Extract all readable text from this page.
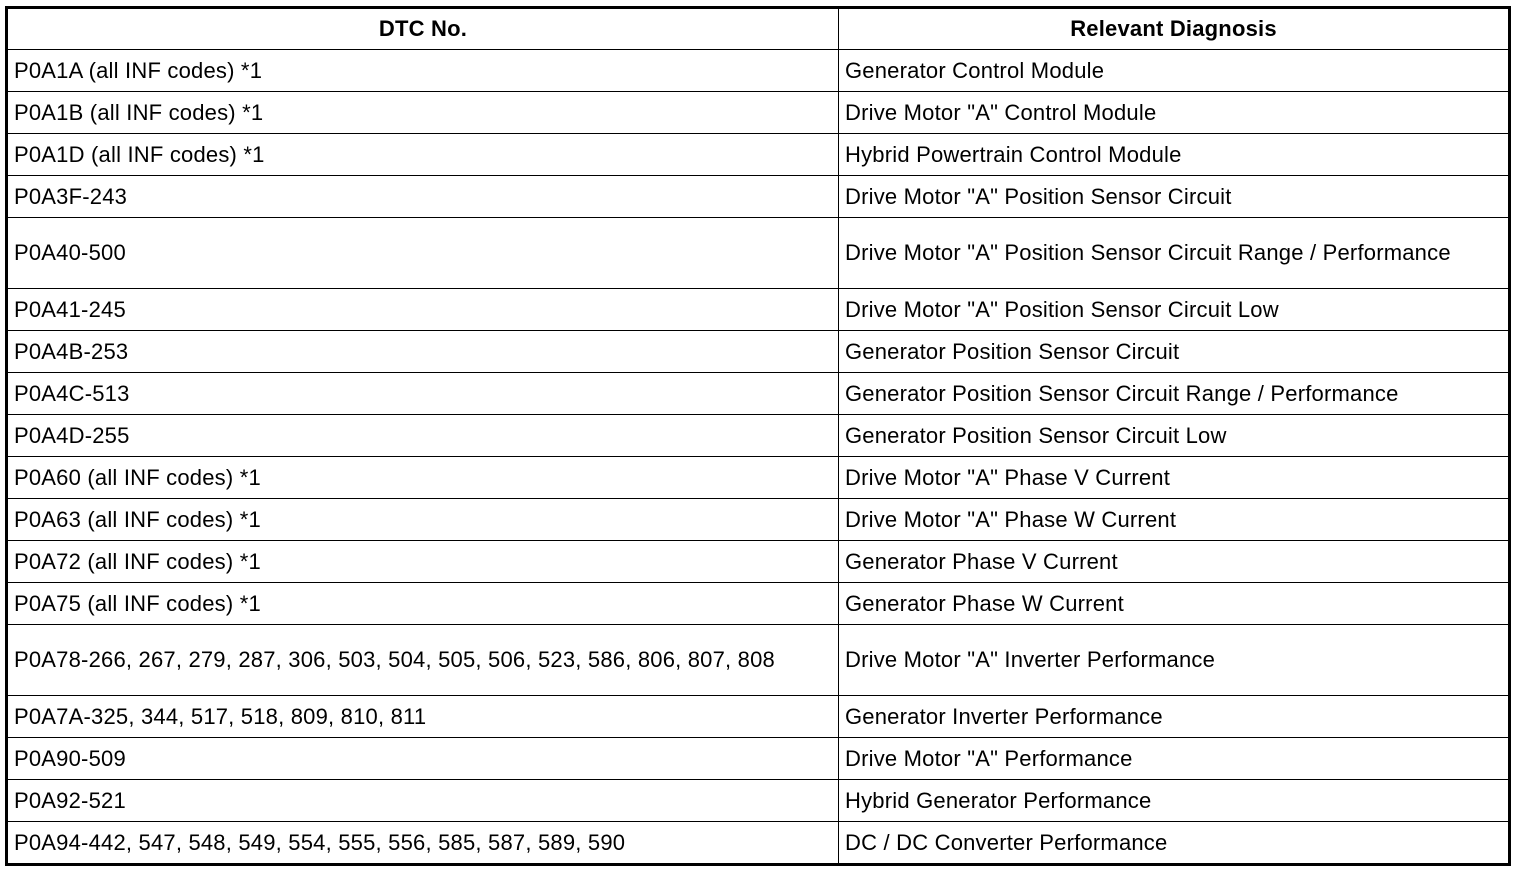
DTC No.	Relevant Diagnosis
P0A1A (all INF codes) *1	Generator Control Module
P0A1B (all INF codes) *1	Drive Motor "A" Control Module
P0A1D (all INF codes) *1	Hybrid Powertrain Control Module
P0A3F-243	Drive Motor "A" Position Sensor Circuit
P0A40-500	Drive Motor "A" Position Sensor Circuit Range / Performance
P0A41-245	Drive Motor "A" Position Sensor Circuit Low
P0A4B-253	Generator Position Sensor Circuit
P0A4C-513	Generator Position Sensor Circuit Range / Performance
P0A4D-255	Generator Position Sensor Circuit Low
P0A60 (all INF codes) *1	Drive Motor "A" Phase V Current
P0A63 (all INF codes) *1	Drive Motor "A" Phase W Current
P0A72 (all INF codes) *1	Generator Phase V Current
P0A75 (all INF codes) *1	Generator Phase W Current
P0A78-266, 267, 279, 287, 306, 503, 504, 505, 506, 523, 586, 806, 807, 808	Drive Motor "A" Inverter Performance
P0A7A-325, 344, 517, 518, 809, 810, 811	Generator Inverter Performance
P0A90-509	Drive Motor "A" Performance
P0A92-521	Hybrid Generator Performance
P0A94-442, 547, 548, 549, 554, 555, 556, 585, 587, 589, 590	DC / DC Converter Performance
